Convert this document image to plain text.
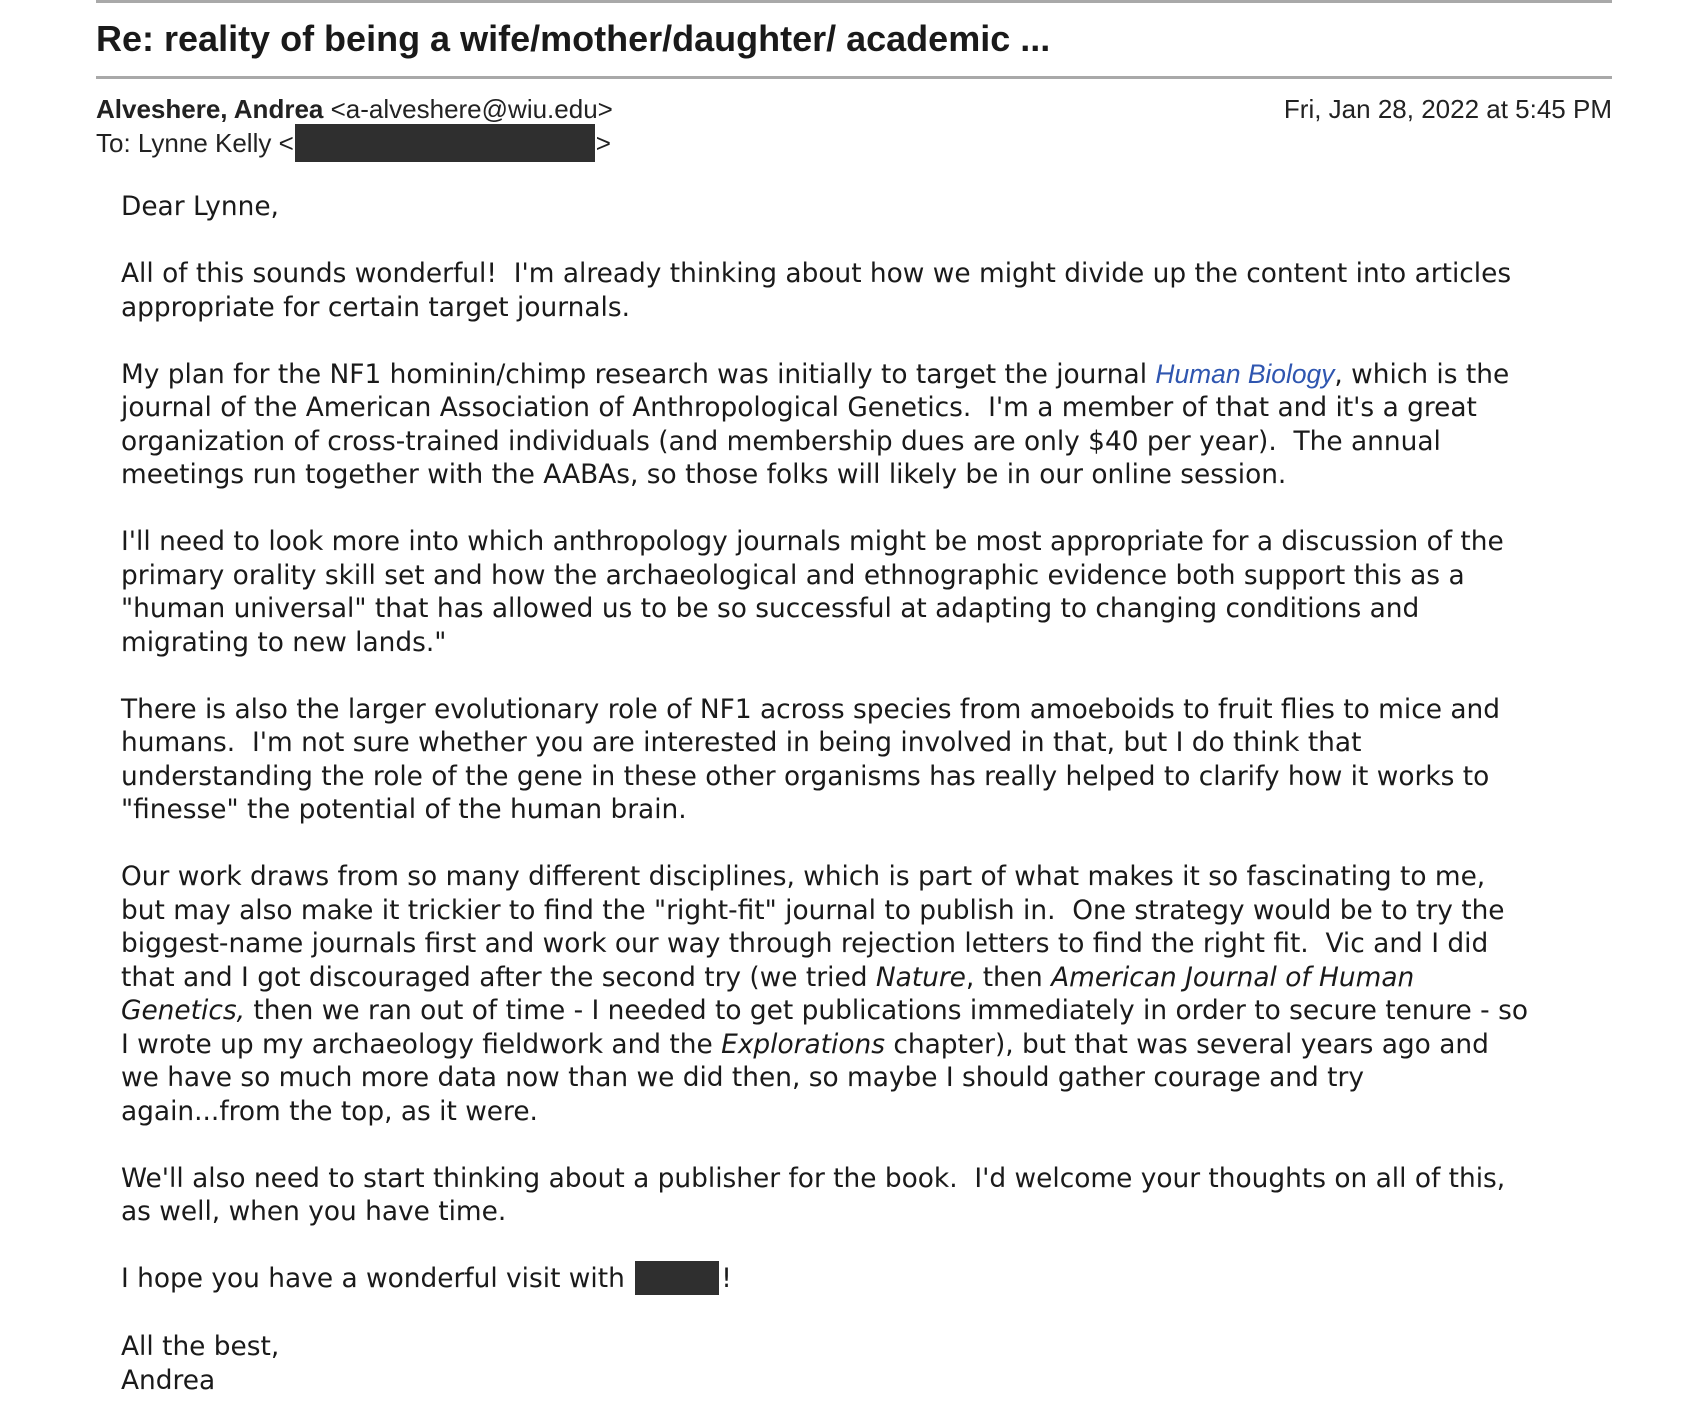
Re: reality of being a wife/mother/daughter/ academic ...
Alveshere, Andrea <a-alveshere@wiu.edu>	Fri, Jan 28, 2022 at 5:45 PM
To: Lynne Kelly <	>

Dear Lynne,

All of this sounds wonderful!  I'm already thinking about how we might divide up the content into articles
appropriate for certain target journals.

My plan for the NF1 hominin/chimp research was initially to target the journal Human Biology, which is the
journal of the American Association of Anthropological Genetics.  I'm a member of that and it's a great
organization of cross-trained individuals (and membership dues are only $40 per year).  The annual
meetings run together with the AABAs, so those folks will likely be in our online session.

I'll need to look more into which anthropology journals might be most appropriate for a discussion of the
primary orality skill set and how the archaeological and ethnographic evidence both support this as a
"human universal" that has allowed us to be so successful at adapting to changing conditions and
migrating to new lands."

There is also the larger evolutionary role of NF1 across species from amoeboids to fruit flies to mice and
humans.  I'm not sure whether you are interested in being involved in that, but I do think that
understanding the role of the gene in these other organisms has really helped to clarify how it works to
"finesse" the potential of the human brain.

Our work draws from so many different disciplines, which is part of what makes it so fascinating to me,
but may also make it trickier to find the "right-fit" journal to publish in.  One strategy would be to try the
biggest-name journals first and work our way through rejection letters to find the right fit.  Vic and I did
that and I got discouraged after the second try (we tried Nature, then American Journal of Human
Genetics, then we ran out of time - I needed to get publications immediately in order to secure tenure - so
I wrote up my archaeology fieldwork and the Explorations chapter), but that was several years ago and
we have so much more data now than we did then, so maybe I should gather courage and try
again...from the top, as it were.

We'll also need to start thinking about a publisher for the book.  I'd welcome your thoughts on all of this,
as well, when you have time.

I hope you have a wonderful visit with	!

All the best,
Andrea
